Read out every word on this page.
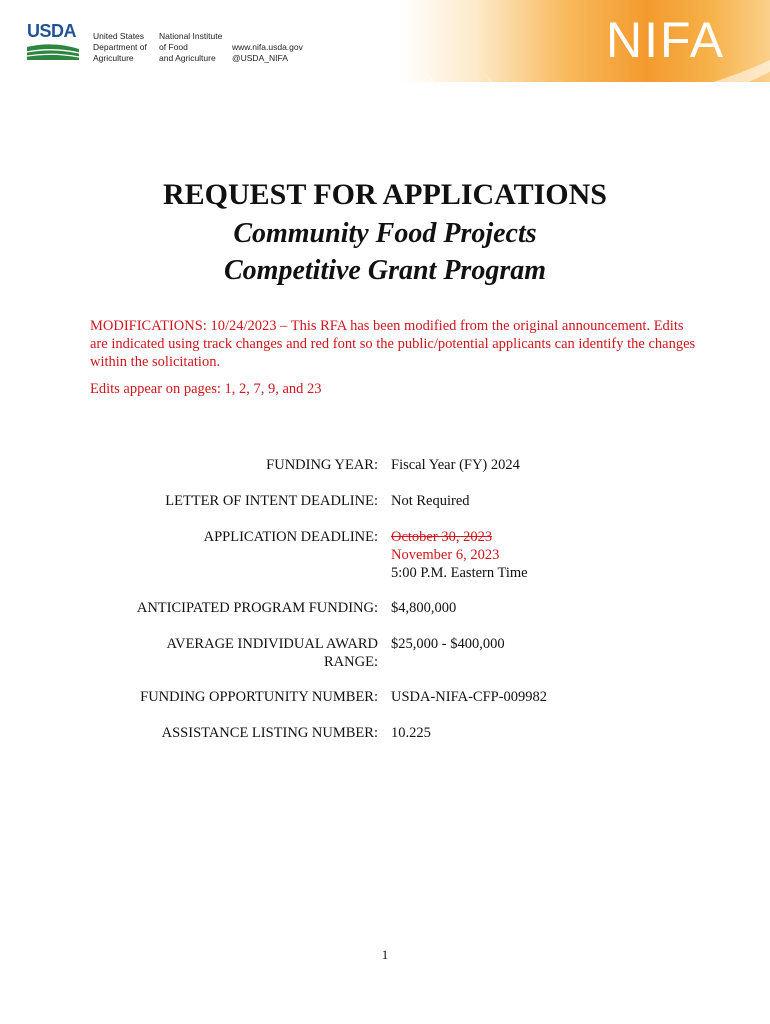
USDA	United States
Department of
Agriculture
National Institute
of Food
and Agriculture
www.nifa.usda.gov
@USDA_NIFA	NIFA
REQUEST FOR APPLICATIONS
Community Food Projects
Competitive Grant Program

MODIFICATIONS: 10/24/2023 – This RFA has been modified from the original announcement. Edits are indicated using track changes and red font so the public/potential applicants can identify the changes within the solicitation.

Edits appear on pages: 1, 2, 7, 9, and 23

FUNDING YEAR: Fiscal Year (FY) 2024
LETTER OF INTENT DEADLINE: Not Required
APPLICATION DEADLINE: October 30, 2023
November 6, 2023
5:00 P.M. Eastern Time
ANTICIPATED PROGRAM FUNDING: $4,800,000
AVERAGE INDIVIDUAL AWARD
RANGE:
$25,000 - $400,000
FUNDING OPPORTUNITY NUMBER: USDA-NIFA-CFP-009982
ASSISTANCE LISTING NUMBER: 10.225
1
